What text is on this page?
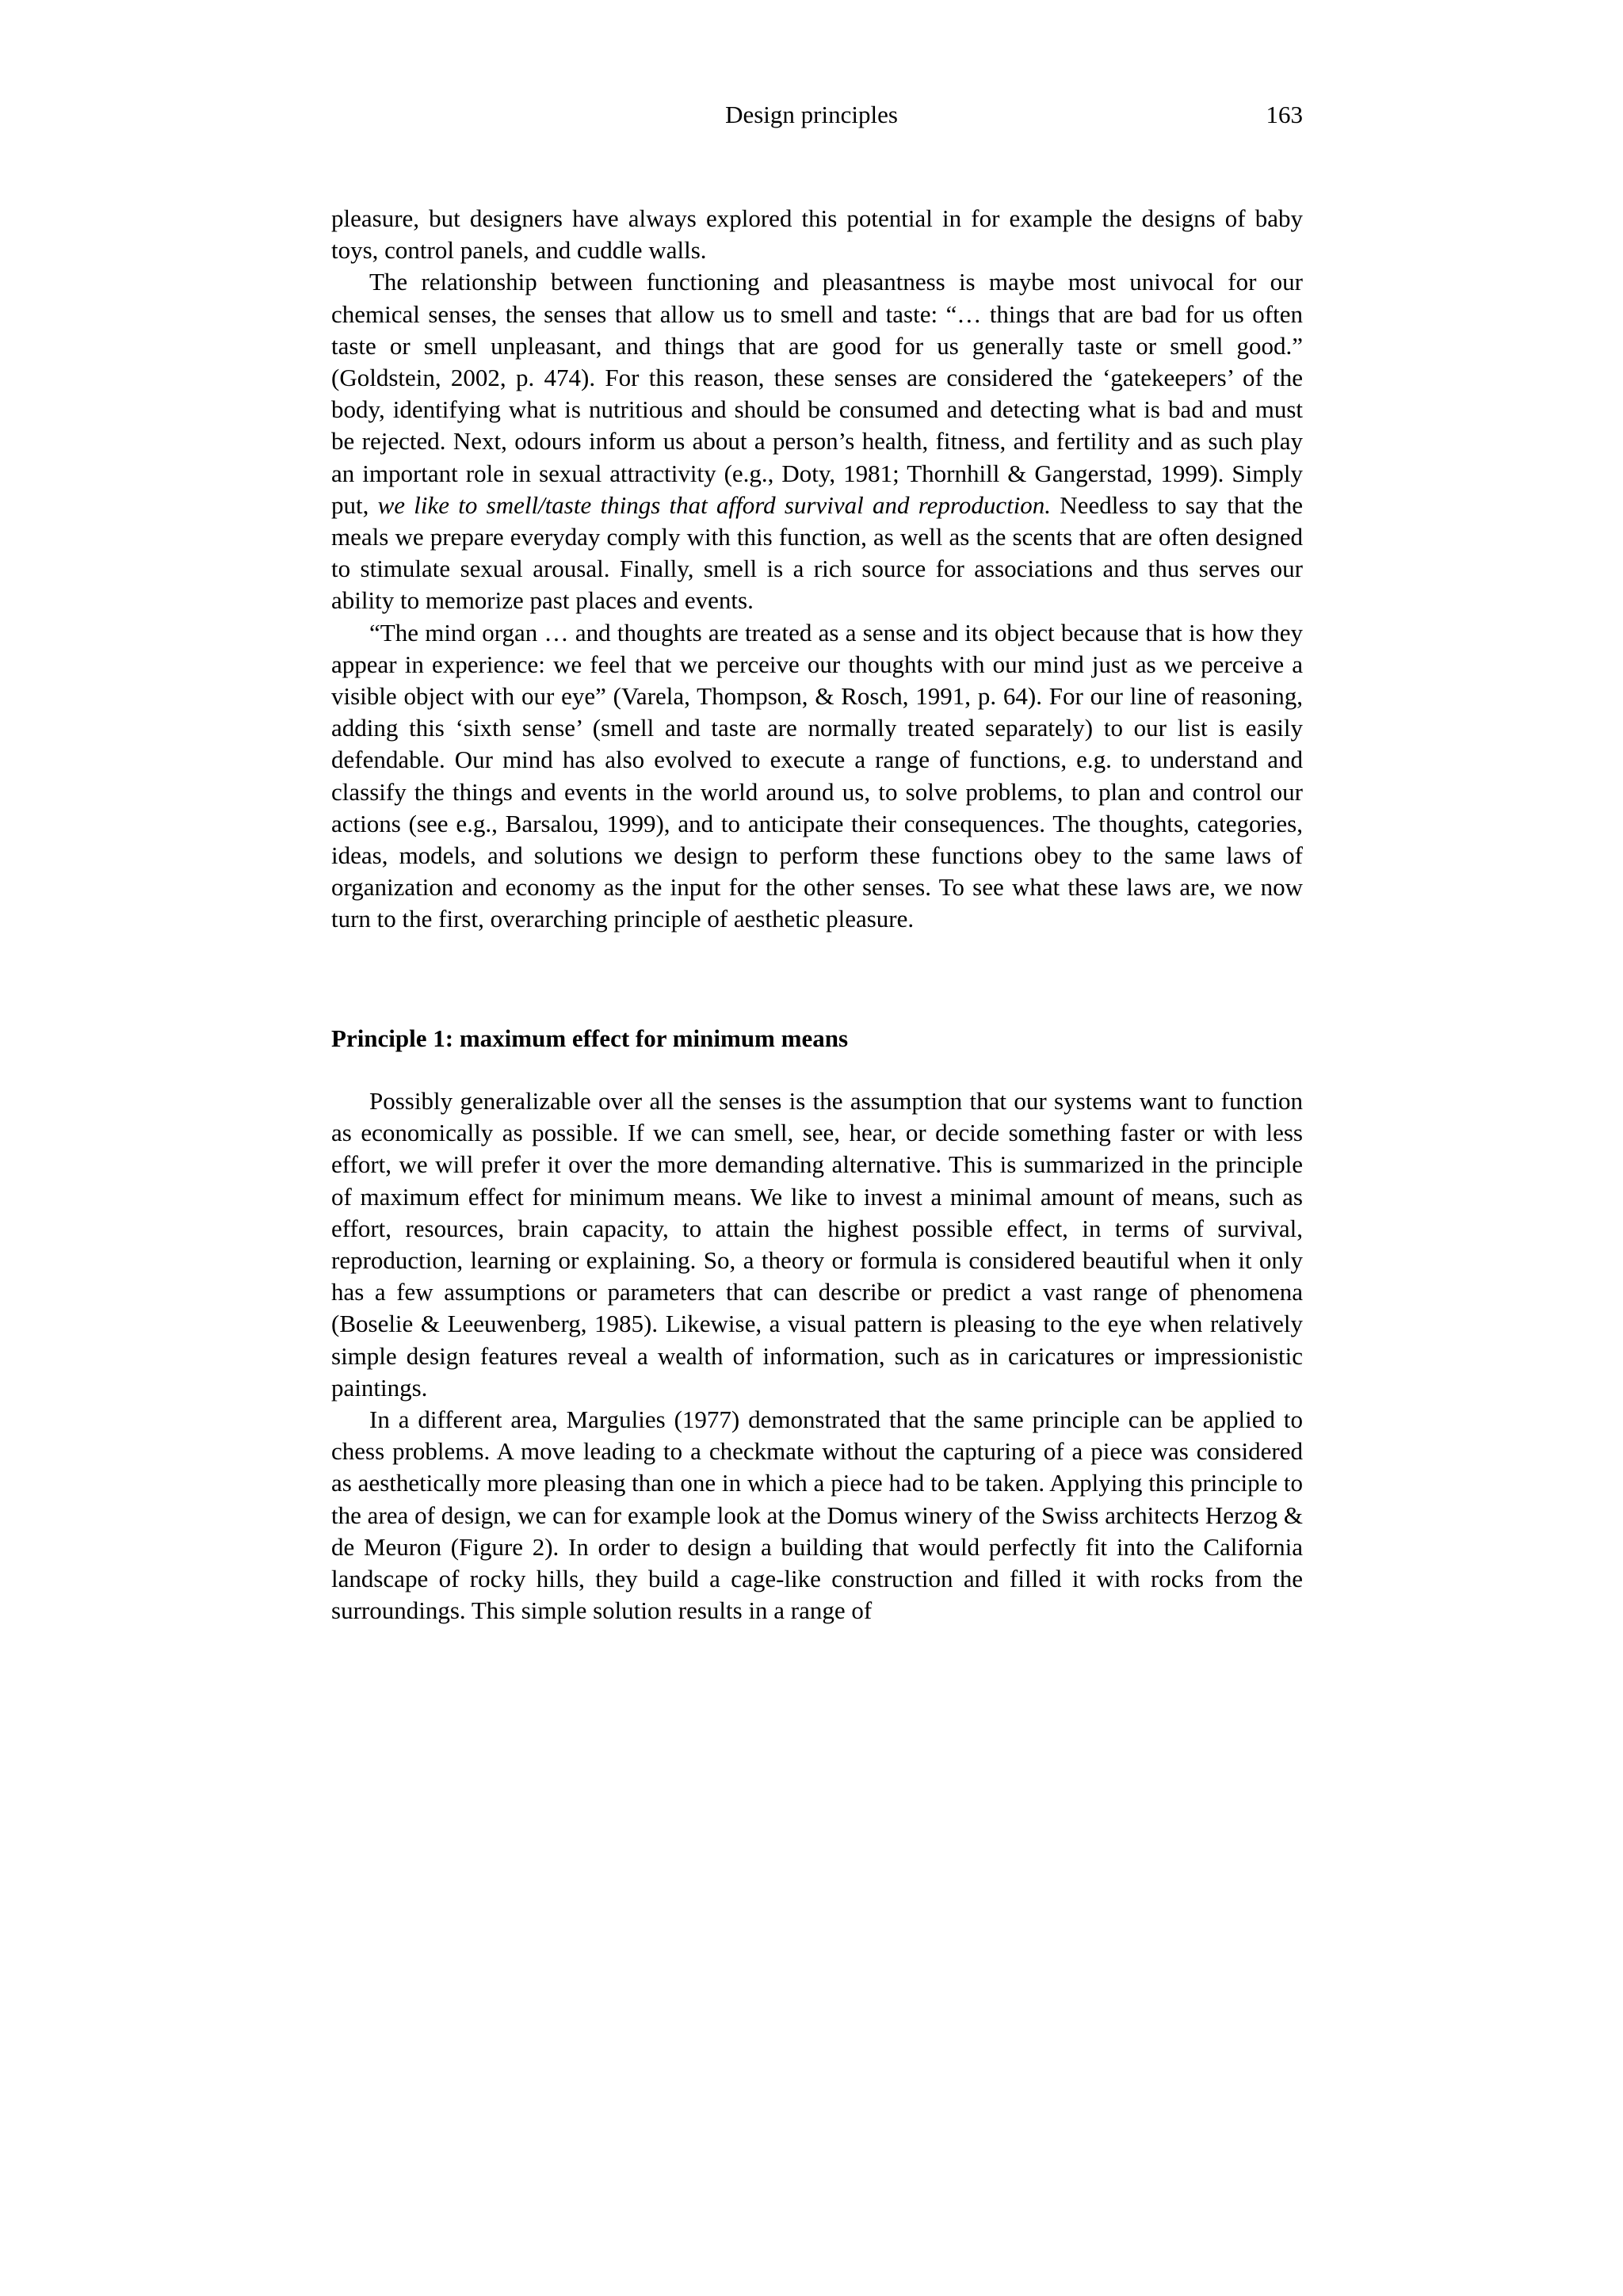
Design principles	163

pleasure, but designers have always explored this potential in for example the designs of baby toys, control panels, and cuddle walls.

The relationship between functioning and pleasantness is maybe most univocal for our chemical senses, the senses that allow us to smell and taste: “… things that are bad for us often taste or smell unpleasant, and things that are good for us generally taste or smell good.” (Goldstein, 2002, p. 474). For this reason, these senses are considered the ‘gatekeepers’ of the body, identifying what is nutritious and should be consumed and detecting what is bad and must be rejected. Next, odours inform us about a person’s health, fitness, and fertility and as such play an important role in sexual attractivity (e.g., Doty, 1981; Thornhill & Gangerstad, 1999). Simply put, we like to smell/taste things that afford survival and reproduction. Needless to say that the meals we prepare everyday comply with this function, as well as the scents that are often designed to stimulate sexual arousal. Finally, smell is a rich source for associations and thus serves our ability to memorize past places and events.

“The mind organ … and thoughts are treated as a sense and its object because that is how they appear in experience: we feel that we perceive our thoughts with our mind just as we perceive a visible object with our eye” (Varela, Thompson, & Rosch, 1991, p. 64). For our line of reasoning, adding this ‘sixth sense’ (smell and taste are normally treated separately) to our list is easily defendable. Our mind has also evolved to execute a range of functions, e.g. to understand and classify the things and events in the world around us, to solve problems, to plan and control our actions (see e.g., Barsalou, 1999), and to anticipate their consequences. The thoughts, categories, ideas, models, and solutions we design to perform these functions obey to the same laws of organization and economy as the input for the other senses. To see what these laws are, we now turn to the first, overarching principle of aesthetic pleasure.

Principle 1: maximum effect for minimum means

Possibly generalizable over all the senses is the assumption that our systems want to function as economically as possible. If we can smell, see, hear, or decide something faster or with less effort, we will prefer it over the more demanding alternative. This is summarized in the principle of maximum effect for minimum means. We like to invest a minimal amount of means, such as effort, resources, brain capacity, to attain the highest possible effect, in terms of survival, reproduction, learning or explaining. So, a theory or formula is considered beautiful when it only has a few assumptions or parameters that can describe or predict a vast range of phenomena (Boselie & Leeuwenberg, 1985). Likewise, a visual pattern is pleasing to the eye when relatively simple design features reveal a wealth of information, such as in caricatures or impressionistic paintings.

In a different area, Margulies (1977) demonstrated that the same principle can be applied to chess problems. A move leading to a checkmate without the capturing of a piece was considered as aesthetically more pleasing than one in which a piece had to be taken. Applying this principle to the area of design, we can for example look at the Domus winery of the Swiss architects Herzog & de Meuron (Figure 2). In order to design a building that would perfectly fit into the California landscape of rocky hills, they build a cage-like construction and filled it with rocks from the surroundings. This simple solution results in a range of
